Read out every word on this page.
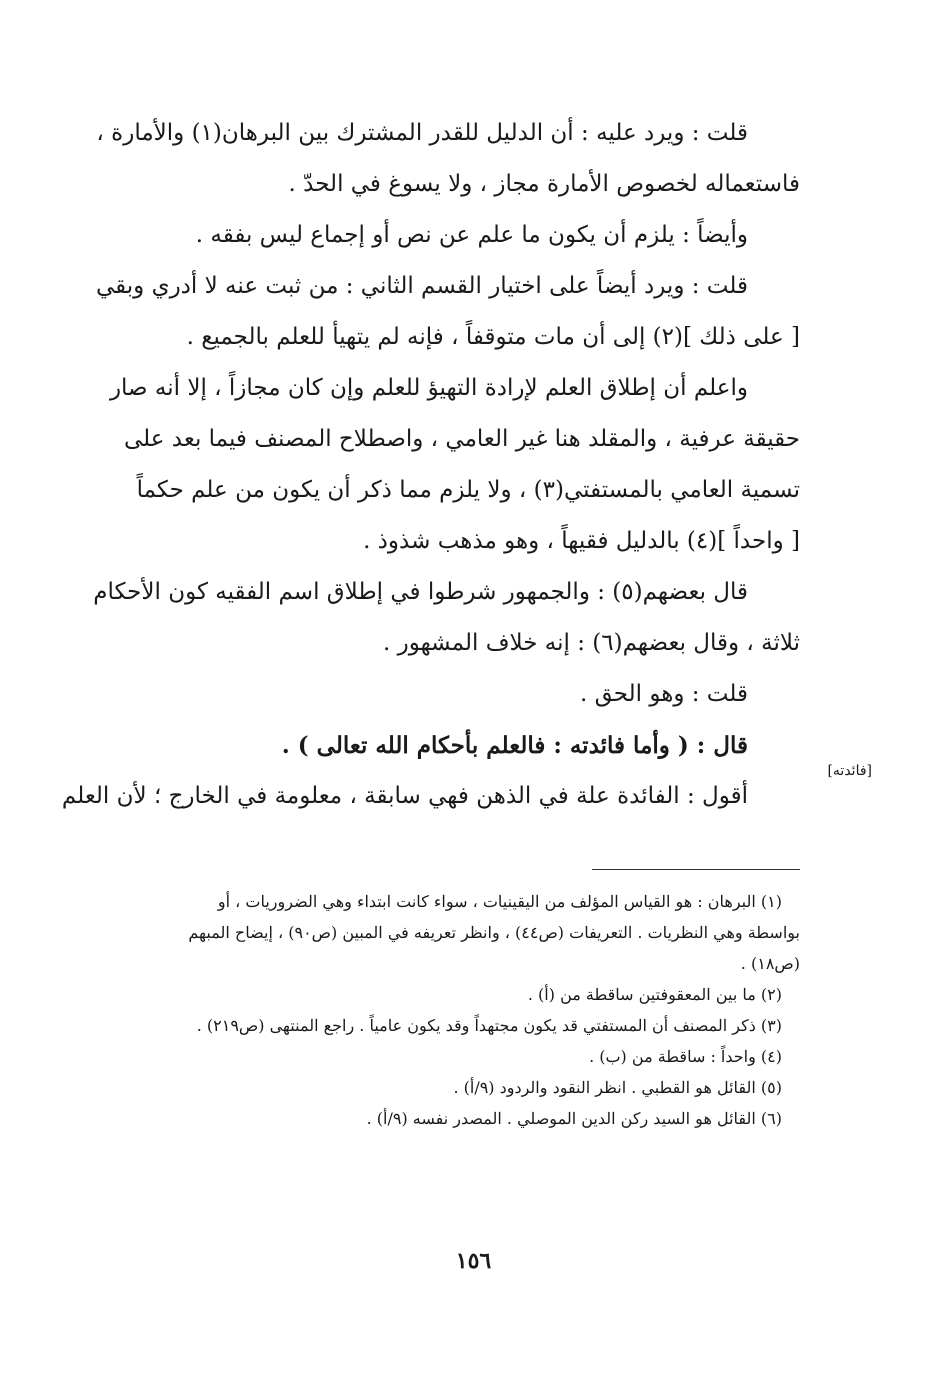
قلت : ويرد عليه : أن الدليل للقدر المشترك بين البرهان(١) والأمارة ،
فاستعماله لخصوص الأمارة مجاز ، ولا يسوغ في الحدّ .
وأيضاً : يلزم أن يكون ما علم عن نص أو إجماع ليس بفقه .
قلت : ويرد أيضاً على اختيار القسم الثاني : من ثبت عنه لا أدري وبقي
[ على ذلك ](٢) إلى أن مات متوقفاً ، فإنه لم يتهيأ للعلم بالجميع .
واعلم أن إطلاق العلم لإرادة التهيؤ للعلم وإن كان مجازاً ، إلا أنه صار
حقيقة عرفية ، والمقلد هنا غير العامي ، واصطلاح المصنف فيما بعد على
تسمية العامي بالمستفتي(٣) ، ولا يلزم مما ذكر أن يكون من علم حكماً
[ واحداً ](٤) بالدليل فقيهاً ، وهو مذهب شذوذ .
قال بعضهم(٥) : والجمهور شرطوا في إطلاق اسم الفقيه كون الأحكام
ثلاثة ، وقال بعضهم(٦) : إنه خلاف المشهور .
قلت : وهو الحق .
قال : ( وأما فائدته : فالعلم بأحكام الله تعالى ) .
أقول : الفائدة علة في الذهن فهي سابقة ، معلومة في الخارج ؛ لأن العلم
[فائدته]
(١) البرهان : هو القياس المؤلف من اليقينيات ، سواء كانت ابتداء وهي الضروريات ، أو
بواسطة وهي النظريات . التعريفات (ص٤٤) ، وانظر تعريفه في المبين (ص٩٠) ، إيضاح المبهم
(ص١٨) .
(٢) ما بين المعقوفتين ساقطة من (أ) .
(٣) ذكر المصنف أن المستفتي قد يكون مجتهداً وقد يكون عامياً . راجع المنتهى (ص٢١٩) .
(٤) واحداً : ساقطة من (ب) .
(٥) القائل هو القطبي . انظر النقود والردود (٩/أ) .
(٦) القائل هو السيد ركن الدين الموصلي . المصدر نفسه (٩/أ) .
١٥٦
